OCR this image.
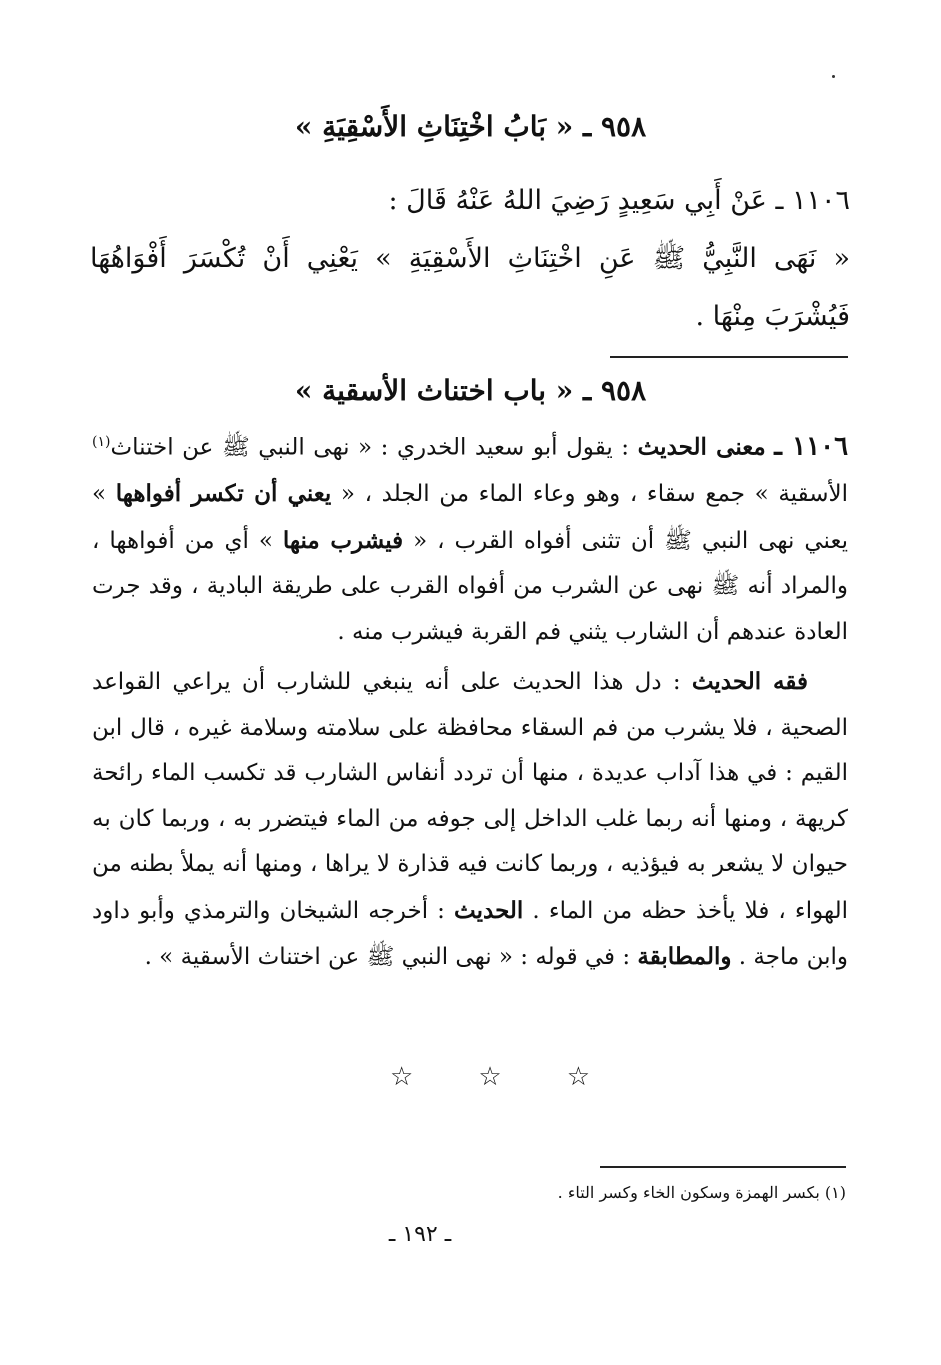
٩٥٨ ـ « بَابُ اخْتِنَاثِ الأَسْقِيَةِ »
١١٠٦ ـ عَنْ أَبِي سَعِيدٍ رَضِيَ اللهُ عَنْهُ قَالَ :
« نَهَى النَّبِيُّ ﷺ عَنِ اخْتِنَاثِ الأَسْقِيَةِ » يَعْنِي أَنْ تُكْسَرَ أَفْوَاهُهَا فَيُشْرَبَ مِنْهَا .
٩٥٨ ـ « باب اختناث الأسقية »
١١٠٦ ـ معنى الحديث : يقول أبو سعيد الخدري : « نهى النبي ﷺ عن اختناث$^{(١)}$ الأسقية » جمع سقاء ، وهو وعاء الماء من الجلد ، « يعني أن تكسر أفواهها » يعني نهى النبي ﷺ أن تثنى أفواه القرب ، « فيشرب منها » أي من أفواهها ، والمراد أنه ﷺ نهى عن الشرب من أفواه القرب على طريقة البادية ، وقد جرت العادة عندهم أن الشارب يثني فم القربة فيشرب منه .
فقه الحديث : دل هذا الحديث على أنه ينبغي للشارب أن يراعي القواعد الصحية ، فلا يشرب من فم السقاء محافظة على سلامته وسلامة غيره ، قال ابن القيم : في هذا آداب عديدة ، منها أن تردد أنفاس الشارب قد تكسب الماء رائحة كريهة ، ومنها أنه ربما غلب الداخل إلى جوفه من الماء فيتضرر به ، وربما كان به حيوان لا يشعر به فيؤذيه ، وربما كانت فيه قذارة لا يراها ، ومنها أنه يملأ بطنه من الهواء ، فلا يأخذ حظه من الماء . الحديث : أخرجه الشيخان والترمذي وأبو داود وابن ماجة . والمطابقة : في قوله : « نهى النبي ﷺ عن اختناث الأسقية » .
☆	☆	☆
(١) بكسر الهمزة وسكون الخاء وكسر التاء .
ـ ١٩٢ ـ
